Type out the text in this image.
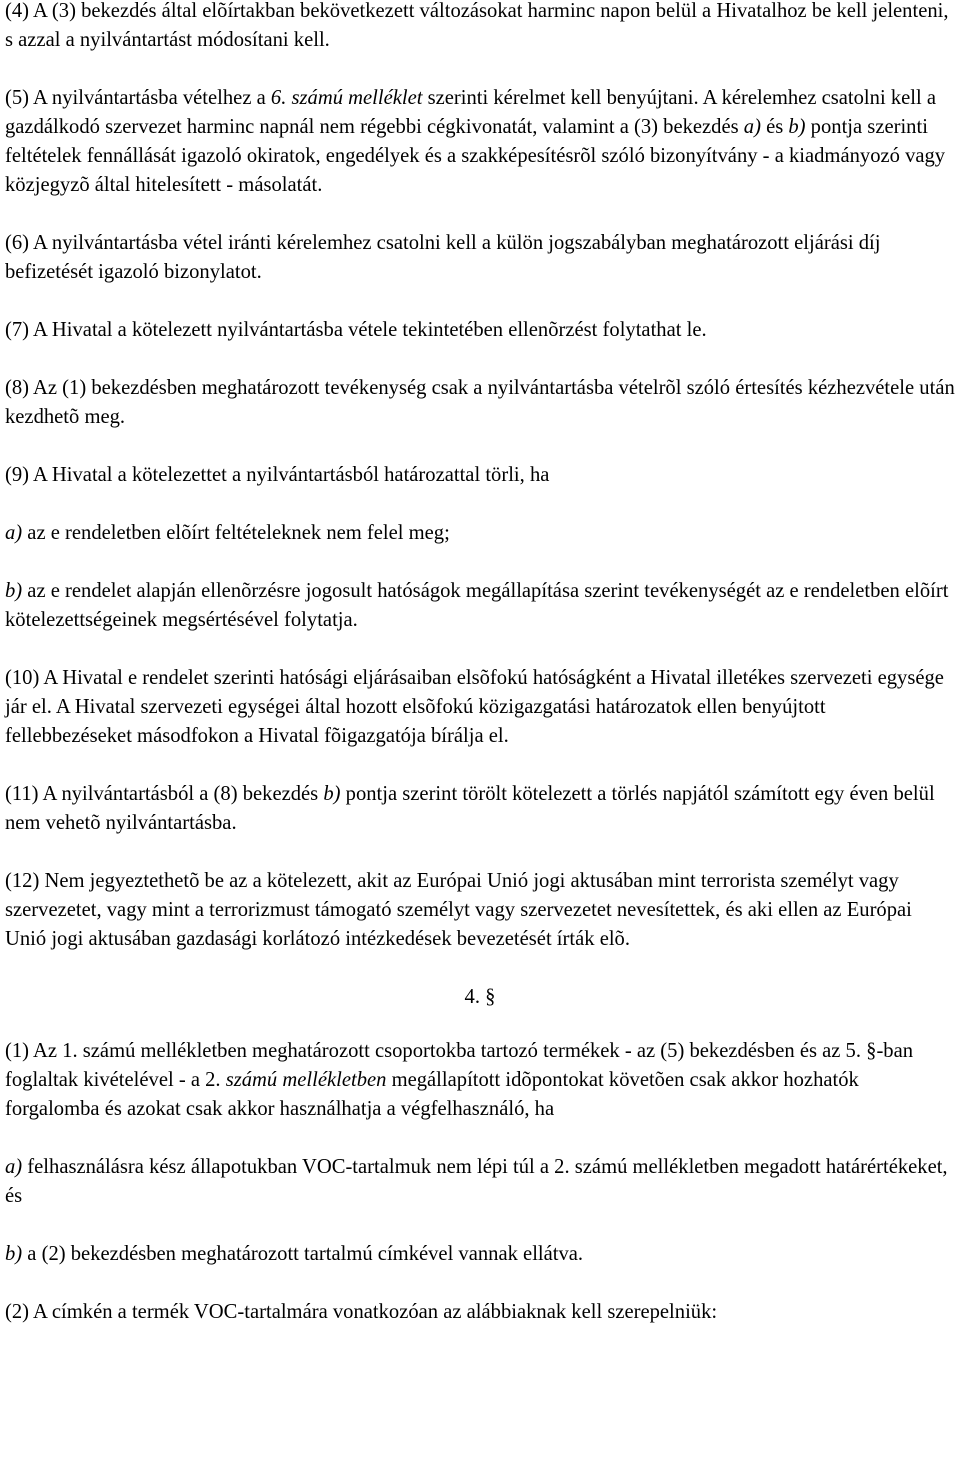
(4) A (3) bekezdés által elõírtakban bekövetkezett változásokat harminc napon belül a Hivatalhoz be kell jelenteni, s azzal a nyilvántartást módosítani kell.

(5) A nyilvántartásba vételhez a 6. számú melléklet szerinti kérelmet kell benyújtani. A kérelemhez csatolni kell a gazdálkodó szervezet harminc napnál nem régebbi cégkivonatát, valamint a (3) bekezdés a) és b) pontja szerinti feltételek fennállását igazoló okiratok, engedélyek és a szakképesítésrõl szóló bizonyítvány - a kiadmányozó vagy közjegyzõ által hitelesített - másolatát.

(6) A nyilvántartásba vétel iránti kérelemhez csatolni kell a külön jogszabályban meghatározott eljárási díj befizetését igazoló bizonylatot.

(7) A Hivatal a kötelezett nyilvántartásba vétele tekintetében ellenõrzést folytathat le.

(8) Az (1) bekezdésben meghatározott tevékenység csak a nyilvántartásba vételrõl szóló értesítés kézhezvétele után kezdhetõ meg.

(9) A Hivatal a kötelezettet a nyilvántartásból határozattal törli, ha

a) az e rendeletben elõírt feltételeknek nem felel meg;

b) az e rendelet alapján ellenõrzésre jogosult hatóságok megállapítása szerint tevékenységét az e rendeletben elõírt kötelezettségeinek megsértésével folytatja.

(10) A Hivatal e rendelet szerinti hatósági eljárásaiban elsõfokú hatóságként a Hivatal illetékes szervezeti egysége jár el. A Hivatal szervezeti egységei által hozott elsõfokú közigazgatási határozatok ellen benyújtott fellebbezéseket másodfokon a Hivatal fõigazgatója bírálja el.

(11) A nyilvántartásból a (8) bekezdés b) pontja szerint törölt kötelezett a törlés napjától számított egy éven belül nem vehetõ nyilvántartásba.

(12) Nem jegyeztethetõ be az a kötelezett, akit az Európai Unió jogi aktusában mint terrorista személyt vagy szervezetet, vagy mint a terrorizmust támogató személyt vagy szervezetet nevesítettek, és aki ellen az Európai Unió jogi aktusában gazdasági korlátozó intézkedések bevezetését írták elõ.

4. §

(1) Az 1. számú mellékletben meghatározott csoportokba tartozó termékek - az (5) bekezdésben és az 5. §-ban foglaltak kivételével - a 2. számú mellékletben megállapított idõpontokat követõen csak akkor hozhatók forgalomba és azokat csak akkor használhatja a végfelhasználó, ha

a) felhasználásra kész állapotukban VOC-tartalmuk nem lépi túl a 2. számú mellékletben megadott határértékeket, és

b) a (2) bekezdésben meghatározott tartalmú címkével vannak ellátva.

(2) A címkén a termék VOC-tartalmára vonatkozóan az alábbiaknak kell szerepelniük:
